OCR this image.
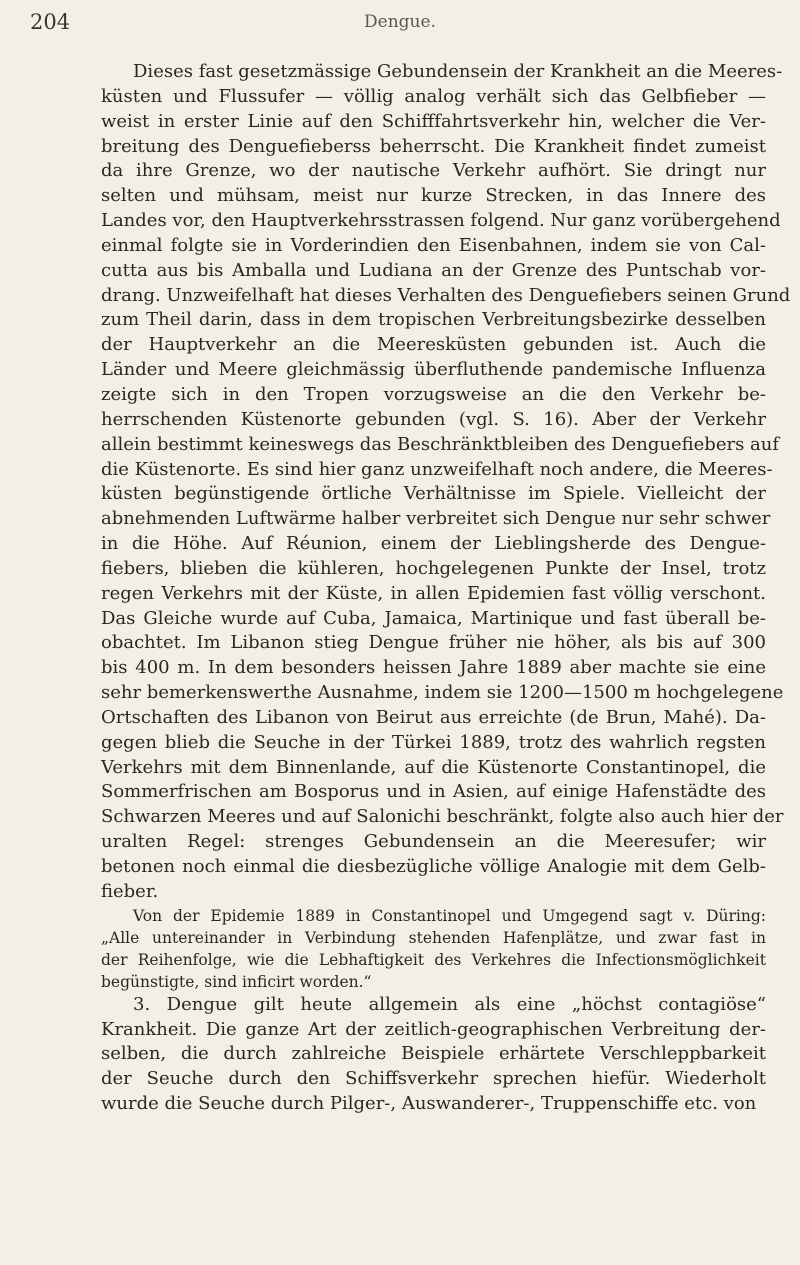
204	Dengue.
Dieses fast gesetzmässige Gebundensein der Krankheit an die Meeres-
küsten und Flussufer — völlig analog verhält sich das Gelbfieber —
weist in erster Linie auf den Schifffahrtsverkehr hin, welcher die Ver-
breitung des Denguefieberss beherrscht. Die Krankheit findet zumeist
da ihre Grenze, wo der nautische Verkehr aufhört. Sie dringt nur
selten und mühsam, meist nur kurze Strecken, in das Innere des
Landes vor, den Hauptverkehrsstrassen folgend. Nur ganz vorübergehend
einmal folgte sie in Vorderindien den Eisenbahnen, indem sie von Cal-
cutta aus bis Amballa und Ludiana an der Grenze des Puntschab vor-
drang. Unzweifelhaft hat dieses Verhalten des Denguefiebers seinen Grund
zum Theil darin, dass in dem tropischen Verbreitungsbezirke desselben
der Hauptverkehr an die Meeresküsten gebunden ist. Auch die
Länder und Meere gleichmässig überfluthende pandemische Influenza
zeigte sich in den Tropen vorzugsweise an die den Verkehr be-
herrschenden Küstenorte gebunden (vgl. S. 16). Aber der Verkehr
allein bestimmt keineswegs das Beschränktbleiben des Denguefiebers auf
die Küstenorte. Es sind hier ganz unzweifelhaft noch andere, die Meeres-
küsten begünstigende örtliche Verhältnisse im Spiele. Vielleicht der
abnehmenden Luftwärme halber verbreitet sich Dengue nur sehr schwer
in die Höhe. Auf Réunion, einem der Lieblingsherde des Dengue-
fiebers, blieben die kühleren, hochgelegenen Punkte der Insel, trotz
regen Verkehrs mit der Küste, in allen Epidemien fast völlig verschont.
Das Gleiche wurde auf Cuba, Jamaica, Martinique und fast überall be-
obachtet. Im Libanon stieg Dengue früher nie höher, als bis auf 300
bis 400 m. In dem besonders heissen Jahre 1889 aber machte sie eine
sehr bemerkenswerthe Ausnahme, indem sie 1200—1500 m hochgelegene
Ortschaften des Libanon von Beirut aus erreichte (de Brun, Mahé). Da-
gegen blieb die Seuche in der Türkei 1889, trotz des wahrlich regsten
Verkehrs mit dem Binnenlande, auf die Küstenorte Constantinopel, die
Sommerfrischen am Bosporus und in Asien, auf einige Hafenstädte des
Schwarzen Meeres und auf Salonichi beschränkt, folgte also auch hier der
uralten Regel: strenges Gebundensein an die Meeresufer; wir
betonen noch einmal die diesbezügliche völlige Analogie mit dem Gelb-
fieber.
Von der Epidemie 1889 in Constantinopel und Umgegend sagt v. Düring:
„Alle untereinander in Verbindung stehenden Hafenplätze, und zwar fast in
der Reihenfolge, wie die Lebhaftigkeit des Verkehres die Infectionsmöglichkeit
begünstigte, sind inficirt worden.“
3. Dengue gilt heute allgemein als eine „höchst contagiöse“
Krankheit. Die ganze Art der zeitlich-geographischen Verbreitung der-
selben, die durch zahlreiche Beispiele erhärtete Verschleppbarkeit
der Seuche durch den Schiffsverkehr sprechen hiefür. Wiederholt
wurde die Seuche durch Pilger-, Auswanderer-, Truppenschiffe etc. von
